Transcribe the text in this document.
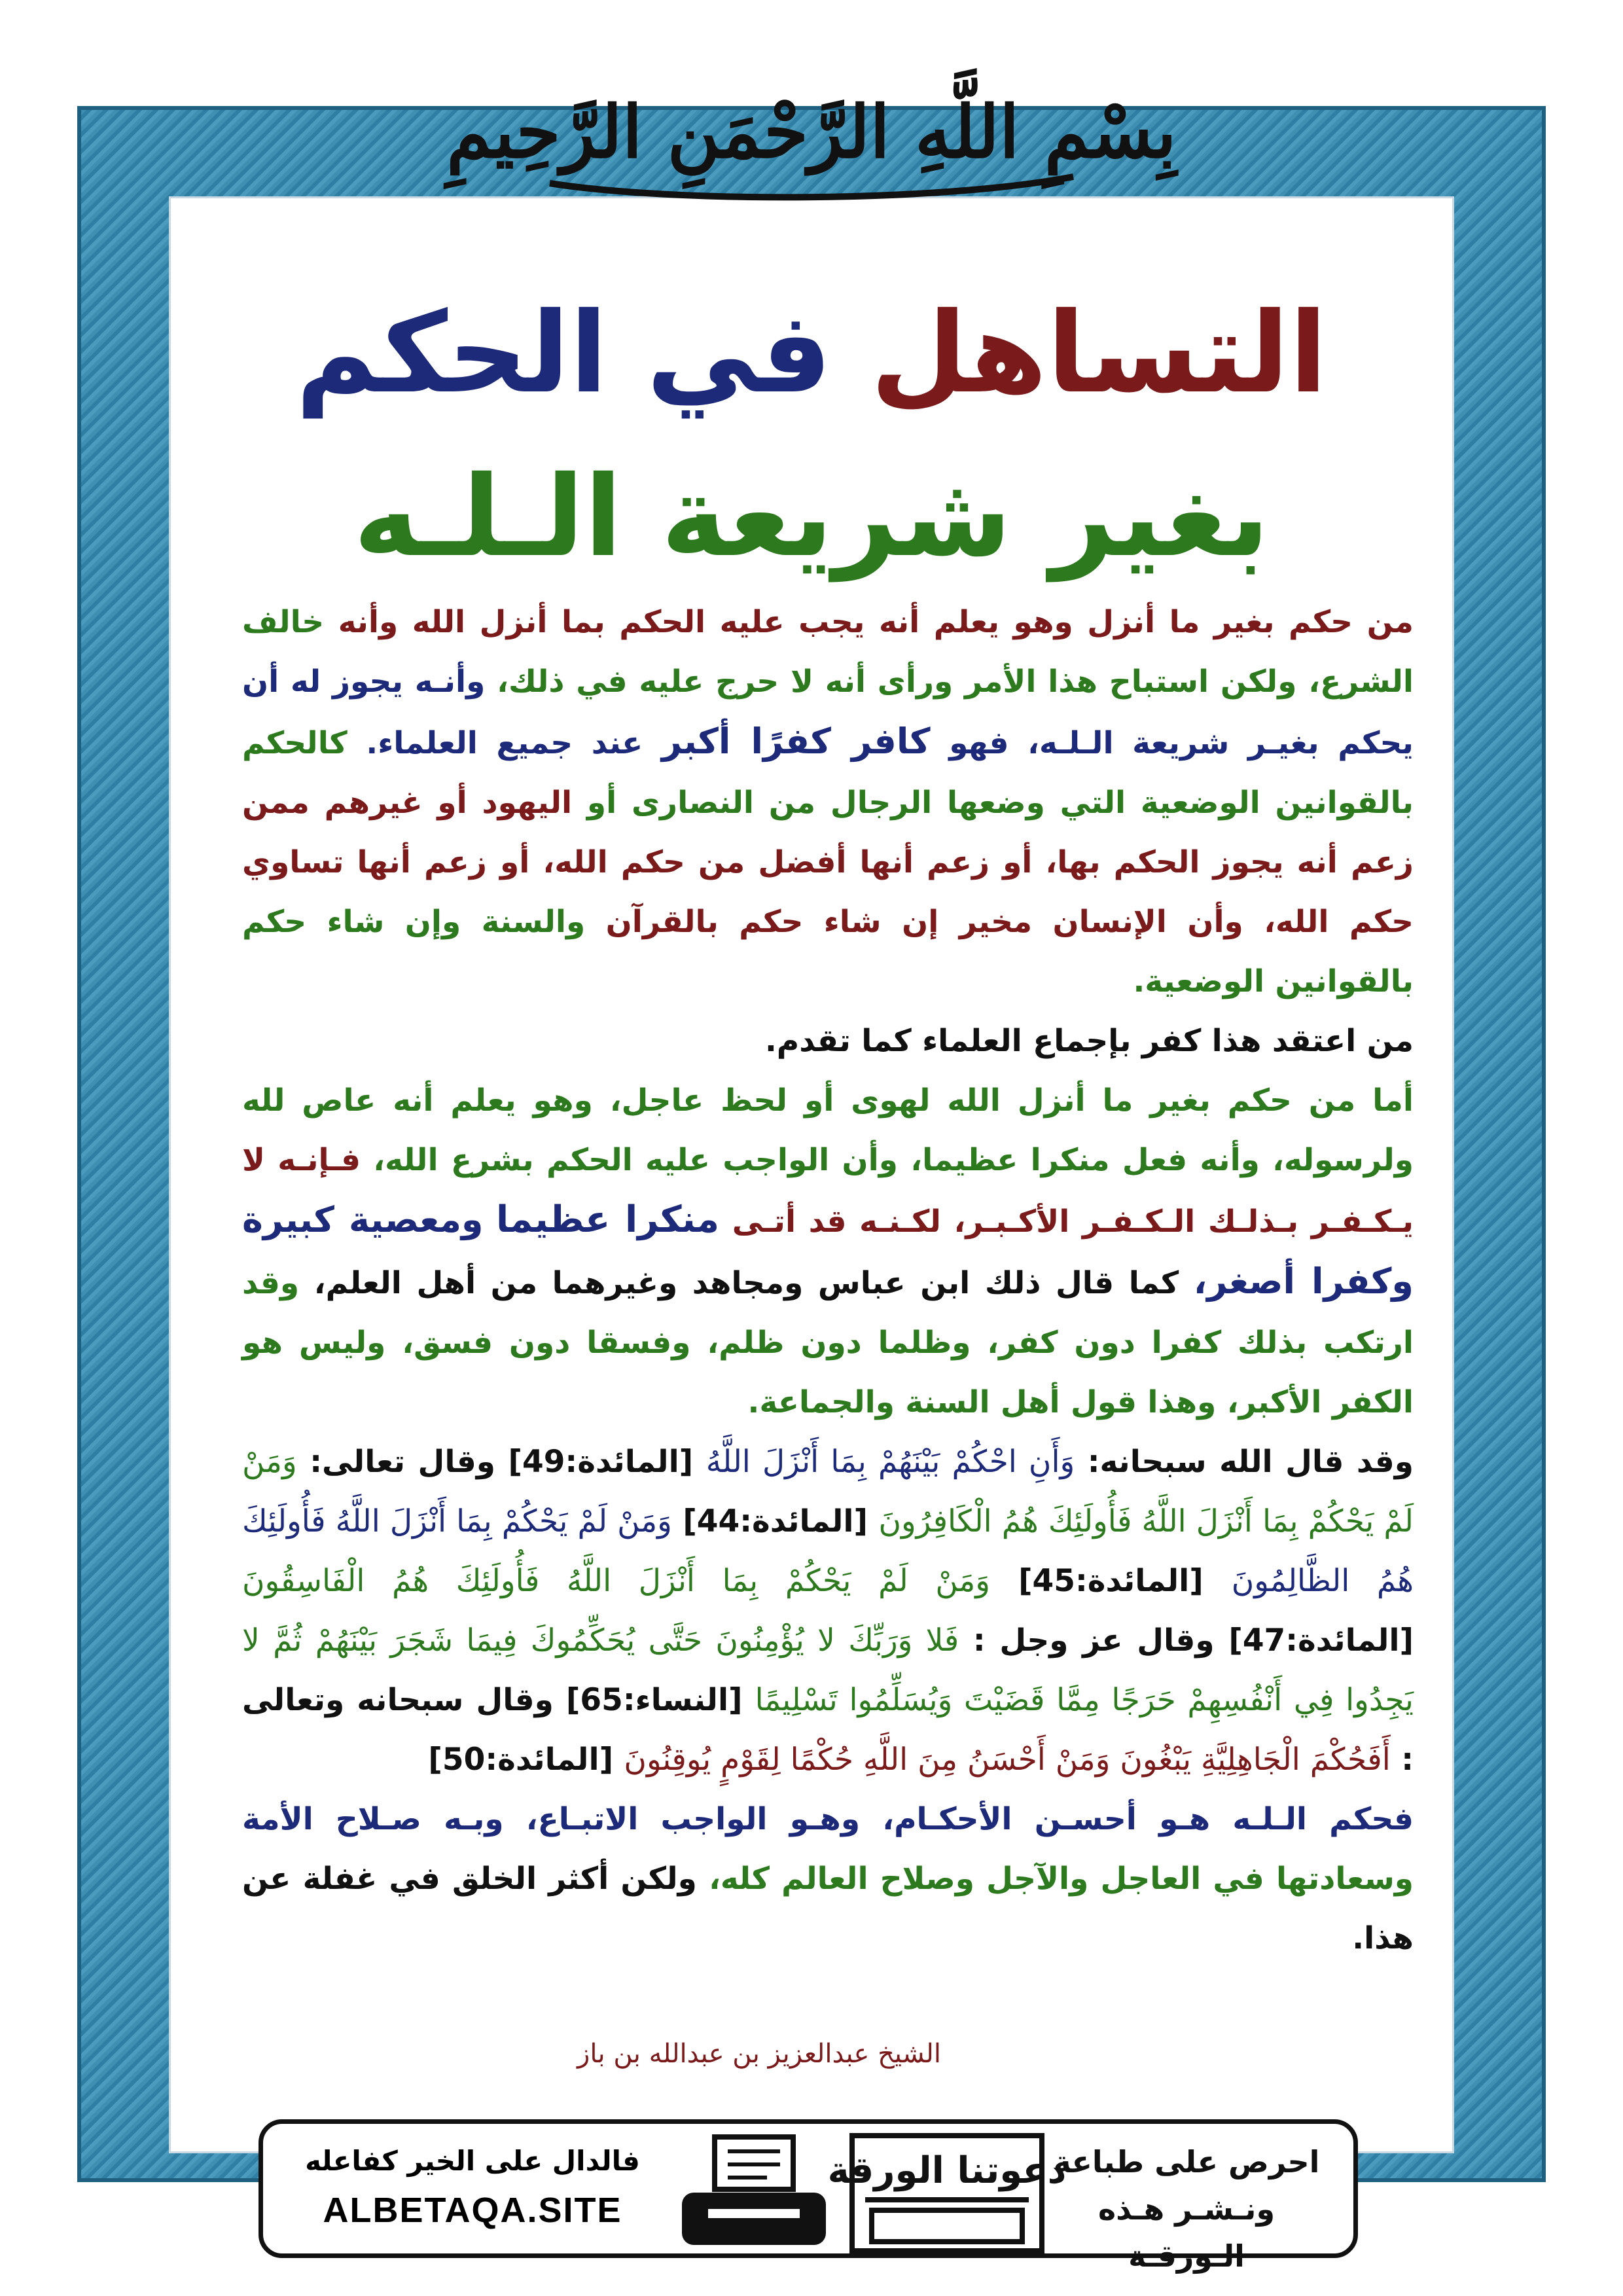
بِسْمِ اللَّهِ الرَّحْمَنِ الرَّحِيمِ
التساهل في الحكم
بغير شريعة الـلـه

من حكم بغير ما أنزل وهو يعلم أنه يجب عليه الحكم بما أنزل الله وأنه خالف الشرع، ولكن استباح هذا الأمر ورأى أنه لا حرج عليه في ذلك، وأنـه يجوز له أن يحكم بغيـر شريعة الـلـه، فهو كافر كفرًا أكبر عند جميع العلماء. كالحكم بالقوانين الوضعية التي وضعها الرجال من النصارى أو اليهود أو غيرهم ممن زعم أنه يجوز الحكم بها، أو زعم أنها أفضل من حكم الله، أو زعم أنها تساوي حكم الله، وأن الإنسان مخير إن شاء حكم بالقرآن والسنة وإن شاء حكم بالقوانين الوضعية.

من اعتقد هذا كفر بإجماع العلماء كما تقدم.

أما من حكم بغير ما أنزل الله لهوى أو لحظ عاجل، وهو يعلم أنه عاص لله ولرسوله، وأنه فعل منكرا عظيما، وأن الواجب عليه الحكم بشرع الله، فـإنـه لا يـكـفـر بـذلـك الـكـفـر الأكـبـر، لكـنـه قد أتـى منكرا عظيما ومعصية كبيرة وكفرا أصغر، كما قال ذلك ابن عباس ومجاهد وغيرهما من أهل العلم، وقد ارتكب بذلك كفرا دون كفر، وظلما دون ظلم، وفسقا دون فسق، وليس هو الكفر الأكبر، وهذا قول أهل السنة والجماعة.

وقد قال الله سبحانه: وَأَنِ احْكُمْ بَيْنَهُمْ بِمَا أَنْزَلَ اللَّهُ [المائدة:49] وقال تعالى: وَمَنْ لَمْ يَحْكُمْ بِمَا أَنْزَلَ اللَّهُ فَأُولَئِكَ هُمُ الْكَافِرُونَ [المائدة:44] وَمَنْ لَمْ يَحْكُمْ بِمَا أَنْزَلَ اللَّهُ فَأُولَئِكَ هُمُ الظَّالِمُونَ [المائدة:45] وَمَنْ لَمْ يَحْكُمْ بِمَا أَنْزَلَ اللَّهُ فَأُولَئِكَ هُمُ الْفَاسِقُونَ [المائدة:47] وقال عز وجل : فَلا وَرَبِّكَ لا يُؤْمِنُونَ حَتَّى يُحَكِّمُوكَ فِيمَا شَجَرَ بَيْنَهُمْ ثُمَّ لا يَجِدُوا فِي أَنْفُسِهِمْ حَرَجًا مِمَّا قَضَيْتَ وَيُسَلِّمُوا تَسْلِيمًا [النساء:65] وقال سبحانه وتعالى : أَفَحُكْمَ الْجَاهِلِيَّةِ يَبْغُونَ وَمَنْ أَحْسَنُ مِنَ اللَّهِ حُكْمًا لِقَوْمٍ يُوقِنُونَ [المائدة:50]

فحكم الـلـه هـو أحسـن الأحكـام، وهـو الواجب الاتبـاع، وبـه صـلاح الأمة وسعادتها في العاجل والآجل وصلاح العالم كله، ولكن أكثر الخلق في غفلة عن هذا.

الشيخ عبدالعزيز بن عبدالله بن باز
احرص على طباعة
ونـشـر هـذه الـورقـة
دعوتنا الورقة
فالدال على الخير كفاعله
ALBETAQA.SITE
